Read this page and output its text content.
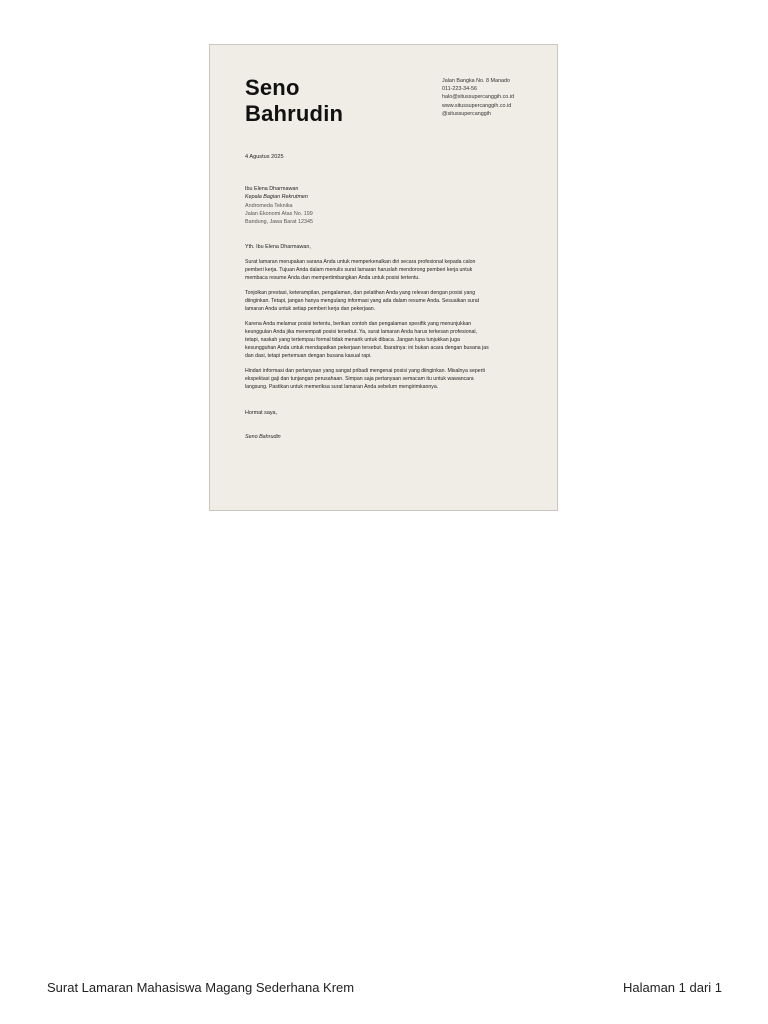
Seno
Bahrudin
Jalan Bangka No. 8 Manado
011-223-34-56
halo@situssupercanggih.co.id
www.situssupercanggih.co.id
@situssupercanggih
4 Agustus 2025
Ibu Elena Dharmawan
Kepala Bagian Rekrutmen
Andromeda Teknika
Jalan Ekonomi Atas No. 199
Bandung, Jawa Barat 12345
Yth. Ibu Elena Dharmawan,

Surat lamaran merupakan sarana Anda untuk memperkenalkan diri secara profesional kepada calon
pemberi kerja. Tujuan Anda dalam menulis surat lamaran haruslah mendorong pemberi kerja untuk
membaca resume Anda dan mempertimbangkan Anda untuk posisi tertentu.

Tonjolkan prestasi, keterampilan, pengalaman, dan pelatihan Anda yang relevan dengan posisi yang
diinginkan. Tetapi, jangan hanya mengulang informasi yang ada dalam resume Anda. Sesuaikan surat
lamaran Anda untuk setiap pemberi kerja dan pekerjaan.

Karena Anda melamar posisi tertentu, berikan contoh dan pengalaman spesifik yang menunjukkan
keunggulan Anda jika menempati posisi tersebut. Ya, surat lamaran Anda harus terkesan profesional,
tetapi, naskah yang tertempau formal tidak menarik untuk dibaca. Jangan lupa tunjukkan juga
kesungguhan Anda untuk mendapatkan pekerjaan tersebut. Ibaratnya: ini bukan acara dengan busana jas
dan dasi, tetapi pertemuan dengan busana kasual rapi.

Hindari informasi dan pertanyaan yang sangat pribadi mengenai posisi yang diinginkan. Misalnya seperti
ekspektasi gaji dan tunjangan perusahaan. Simpan saja pertanyaan semacam itu untuk wawancara
langsung. Pastikan untuk memeriksa surat lamaran Anda sebelum mengirimkannya.

Hormat saya,
Seno Bahrudin
Surat Lamaran Mahasiswa Magang Sederhana Krem	Halaman 1 dari 1
